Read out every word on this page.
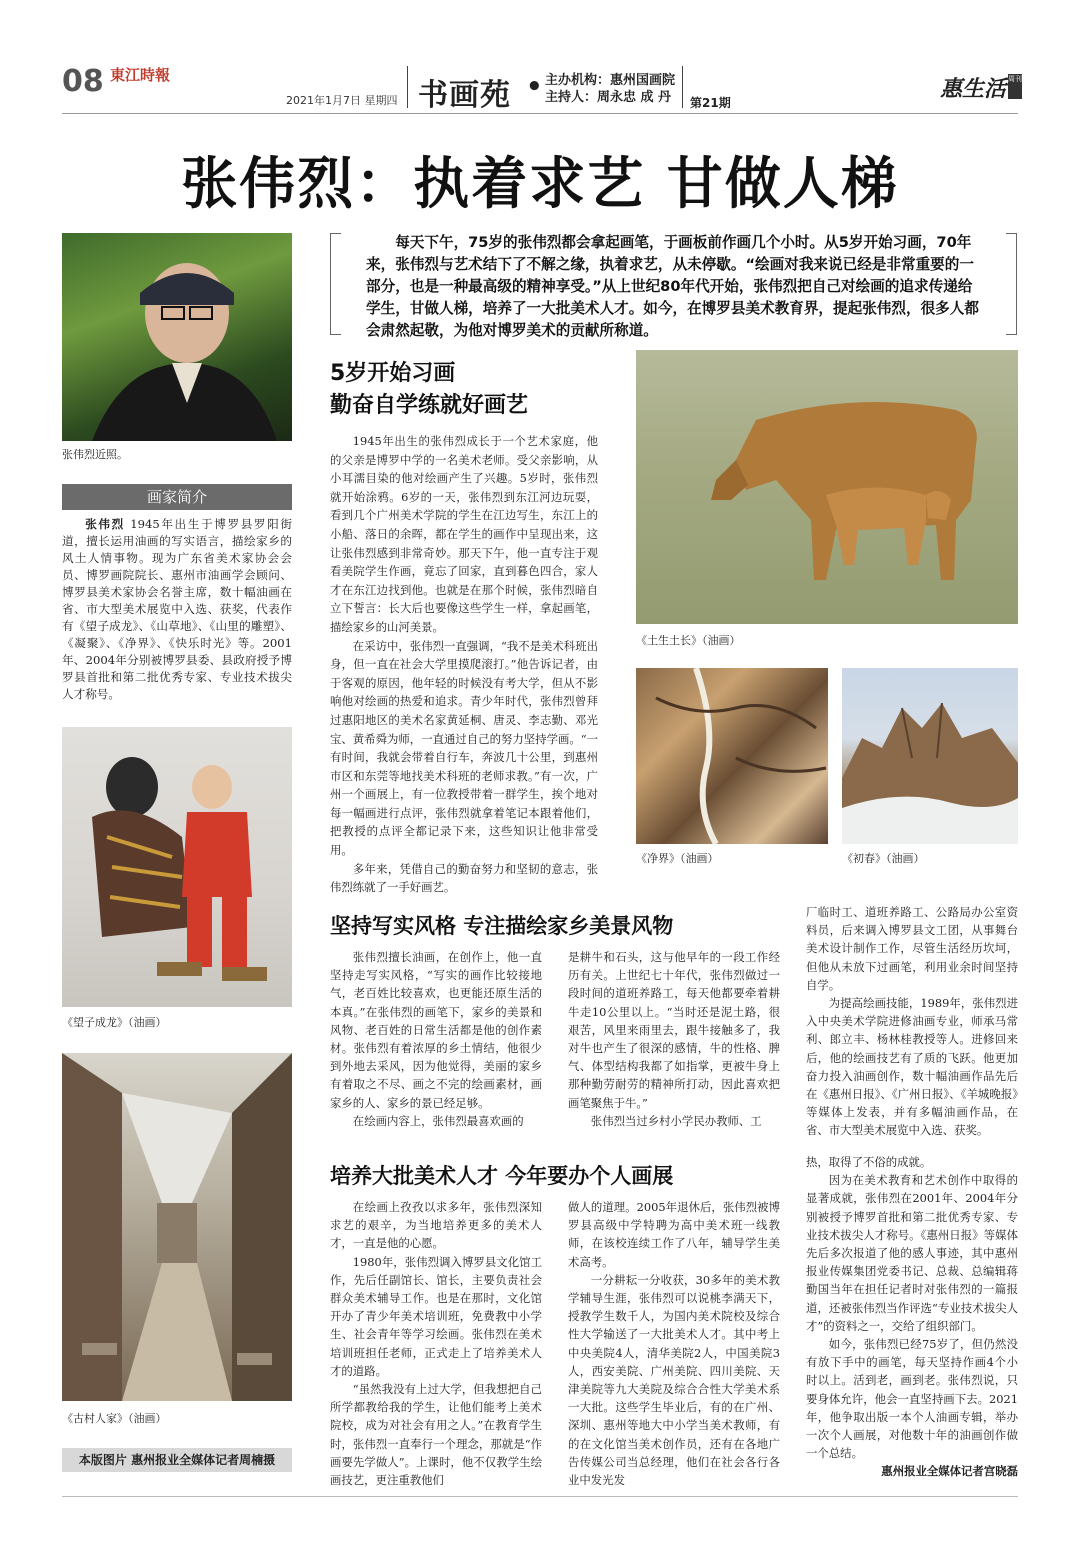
08 東江時報
2021年1月7日 星期四 书画苑 • 主办机构：惠州国画院
主持人：周永忠 成 丹	第21期
惠生活 周刊
张伟烈：执着求艺 甘做人梯
每天下午，75岁的张伟烈都会拿起画笔，于画板前作画几个小时。从5岁开始习画，70年来，张伟烈与艺术结下了不解之缘，执着求艺，从未停歇。“绘画对我来说已经是非常重要的一部分，也是一种最高级的精神享受。”从上世纪80年代开始，张伟烈把自己对绘画的追求传递给学生，甘做人梯，培养了一大批美术人才。如今，在博罗县美术教育界，提起张伟烈，很多人都会肃然起敬，为他对博罗美术的贡献所称道。
张伟烈近照。
画家简介
张伟烈 1945年出生于博罗县罗阳街道，擅长运用油画的写实语言，描绘家乡的风土人情事物。现为广东省美术家协会会员、博罗画院院长、惠州市油画学会顾问、博罗县美术家协会名誉主席，数十幅油画在省、市大型美术展览中入选、获奖，代表作有《望子成龙》、《山草地》、《山里的雕塑》、《凝聚》、《净界》、《快乐时光》等。2001年、2004年分别被博罗县委、县政府授予博罗县首批和第二批优秀专家、专业技术拔尖人才称号。
《望子成龙》（油画）
《古村人家》（油画）
本版图片 惠州报业全媒体记者周楠摄
5岁开始习画
勤奋自学练就好画艺

1945年出生的张伟烈成长于一个艺术家庭，他的父亲是博罗中学的一名美术老师。受父亲影响，从小耳濡目染的他对绘画产生了兴趣。5岁时，张伟烈就开始涂鸦。6岁的一天，张伟烈到东江河边玩耍，看到几个广州美术学院的学生在江边写生，东江上的小船、落日的余晖，都在学生的画作中呈现出来，这让张伟烈感到非常奇妙。那天下午，他一直专注于观看美院学生作画，竟忘了回家，直到暮色四合，家人才在东江边找到他。也就是在那个时候，张伟烈暗自立下誓言：长大后也要像这些学生一样，拿起画笔，描绘家乡的山河美景。

在采访中，张伟烈一直强调，“我不是美术科班出身，但一直在社会大学里摸爬滚打。”他告诉记者，由于客观的原因，他年轻的时候没有考大学，但从不影响他对绘画的热爱和追求。青少年时代，张伟烈曾拜过惠阳地区的美术名家黄延桐、唐灵、李志勤、邓光宝、黄希舜为师，一直通过自己的努力坚持学画。“一有时间，我就会带着自行车，奔波几十公里，到惠州市区和东莞等地找美术科班的老师求教。”有一次，广州一个画展上，有一位教授带着一群学生，挨个地对每一幅画进行点评，张伟烈就拿着笔记本跟着他们，把教授的点评全都记录下来，这些知识让他非常受用。

多年来，凭借自己的勤奋努力和坚韧的意志，张伟烈练就了一手好画艺。

《土生土长》（油画）
《净界》（油画）	《初春》（油画）
坚持写实风格 专注描绘家乡美景风物

张伟烈擅长油画，在创作上，他一直坚持走写实风格，“写实的画作比较接地气，老百姓比较喜欢，也更能还原生活的本真。”在张伟烈的画笔下，家乡的美景和风物、老百姓的日常生活都是他的创作素材。张伟烈有着浓厚的乡土情结，他很少到外地去采风，因为他觉得，美丽的家乡有着取之不尽、画之不完的绘画素材，画家乡的人、家乡的景已经足够。

在绘画内容上，张伟烈最喜欢画的

是耕牛和石头，这与他早年的一段工作经历有关。上世纪七十年代，张伟烈做过一段时间的道班养路工，每天他都要牵着耕牛走10公里以上。“当时还是泥土路，很艰苦，风里来雨里去，跟牛接触多了，我对牛也产生了很深的感情，牛的性格、脾气、体型结构我都了如指掌，更被牛身上那种勤劳耐劳的精神所打动，因此喜欢把画笔聚焦于牛。”

张伟烈当过乡村小学民办教师、工

厂临时工、道班养路工、公路局办公室资料员，后来调入博罗县文工团，从事舞台美术设计制作工作，尽管生活经历坎坷，但他从未放下过画笔，利用业余时间坚持自学。

为提高绘画技能，1989年，张伟烈进入中央美术学院进修油画专业，师承马常利、郎立丰、杨林桂教授等人。进修回来后，他的绘画技艺有了质的飞跃。他更加奋力投入油画创作，数十幅油画作品先后在《惠州日报》、《广州日报》、《羊城晚报》等媒体上发表，并有多幅油画作品，在省、市大型美术展览中入选、获奖。

培养大批美术人才 今年要办个人画展

在绘画上孜孜以求多年，张伟烈深知求艺的艰辛，为当地培养更多的美术人才，一直是他的心愿。

1980年，张伟烈调入博罗县文化馆工作，先后任副馆长、馆长，主要负责社会群众美术辅导工作。也是在那时，文化馆开办了青少年美术培训班，免费教中小学生、社会青年等学习绘画。张伟烈在美术培训班担任老师，正式走上了培养美术人才的道路。

“虽然我没有上过大学，但我想把自己所学都教给我的学生，让他们能考上美术院校，成为对社会有用之人。”在教育学生时，张伟烈一直奉行一个理念，那就是“作画要先学做人”。上课时，他不仅教学生绘画技艺，更注重教他们

做人的道理。2005年退休后，张伟烈被博罗县高级中学特聘为高中美术班一线教师，在该校连续工作了八年，辅导学生美术高考。

一分耕耘一分收获，30多年的美术教学辅导生涯，张伟烈可以说桃李满天下，授教学生数千人，为国内美术院校及综合性大学输送了一大批美术人才。其中考上中央美院4人，清华美院2人，中国美院3人，西安美院、广州美院、四川美院、天津美院等九大美院及综合合性大学美术系一大批。这些学生毕业后，有的在广州、深圳、惠州等地大中小学当美术教师，有的在文化馆当美术创作员，还有在各地广告传媒公司当总经理，他们在社会各行各业中发光发

热，取得了不俗的成就。

因为在美术教育和艺术创作中取得的显著成就，张伟烈在2001年、2004年分别被授予博罗首批和第二批优秀专家、专业技术拔尖人才称号。《惠州日报》等媒体先后多次报道了他的感人事迹，其中惠州报业传媒集团党委书记、总裁、总编辑蒋勤国当年在担任记者时对张伟烈的一篇报道，还被张伟烈当作评选“专业技术拔尖人才”的资料之一，交给了组织部门。

如今，张伟烈已经75岁了，但仍然没有放下手中的画笔，每天坚持作画4个小时以上。活到老，画到老。张伟烈说，只要身体允许，他会一直坚持画下去。2021年，他争取出版一本个人油画专辑，举办一次个人画展，对他数十年的油画创作做一个总结。

惠州报业全媒体记者宫晓磊
